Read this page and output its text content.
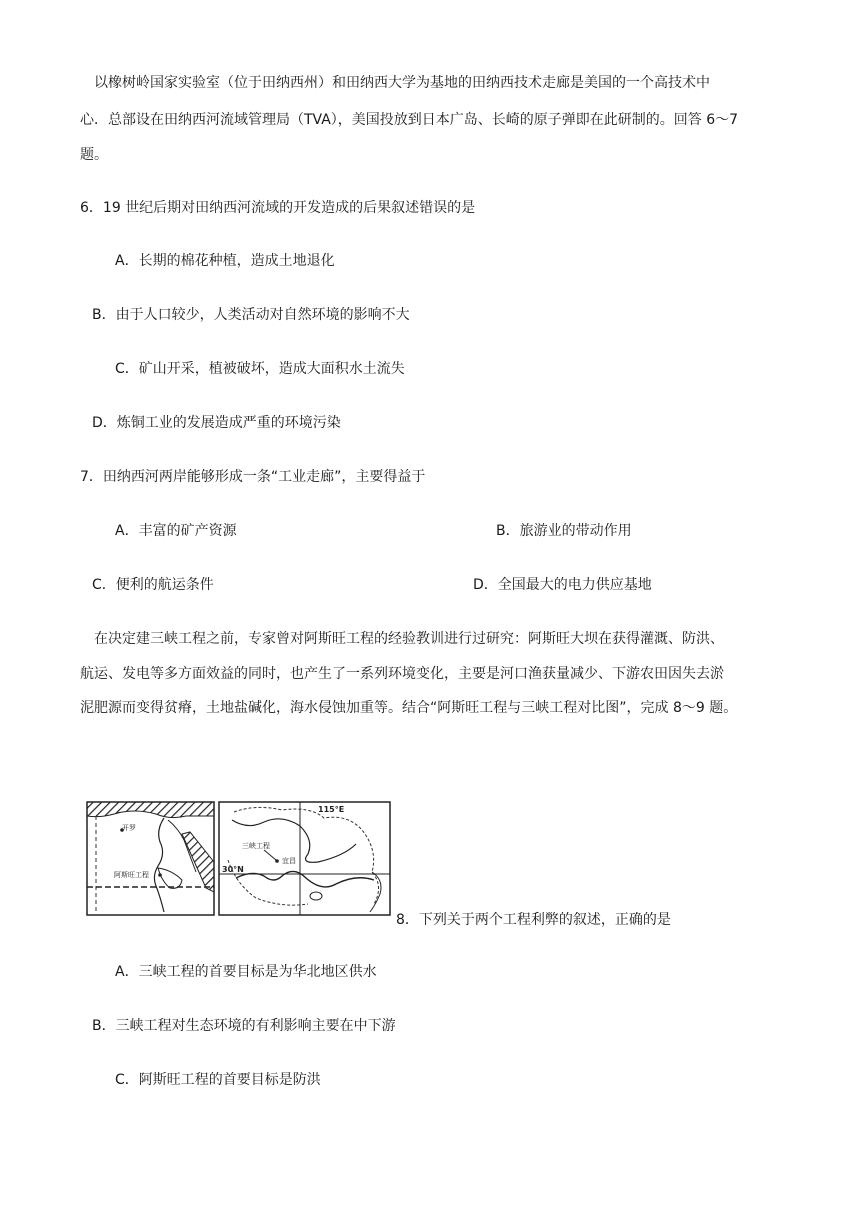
以橡树岭国家实验室（位于田纳西州）和田纳西大学为基地的田纳西技术走廊是美国的一个高技术中
心．总部设在田纳西河流域管理局（TVA），美国投放到日本广岛、长崎的原子弹即在此研制的。回答 6～7
题。
6．19 世纪后期对田纳西河流域的开发造成的后果叙述错误的是
A．长期的棉花种植，造成土地退化
B．由于人口较少，人类活动对自然环境的影响不大
C．矿山开采，植被破坏，造成大面积水土流失
D．炼铜工业的发展造成严重的环境污染
7．田纳西河两岸能够形成一条“工业走廊”，主要得益于
A．丰富的矿产资源	B．旅游业的带动作用
C．便利的航运条件	D．全国最大的电力供应基地
在决定建三峡工程之前，专家曾对阿斯旺工程的经验教训进行过研究：阿斯旺大坝在获得灌溉、防洪、
航运、发电等多方面效益的同时，也产生了一系列环境变化，主要是河口渔获量减少、下游农田因失去淤
泥肥源而变得贫瘠，土地盐碱化，海水侵蚀加重等。结合“阿斯旺工程与三峡工程对比图”，完成 8～9 题。
开罗
阿斯旺工程
115°E
三峡工程
宜昌
30°N
8．下列关于两个工程利弊的叙述，正确的是
A．三峡工程的首要目标是为华北地区供水
B．三峡工程对生态环境的有利影响主要在中下游
C．阿斯旺工程的首要目标是防洪
